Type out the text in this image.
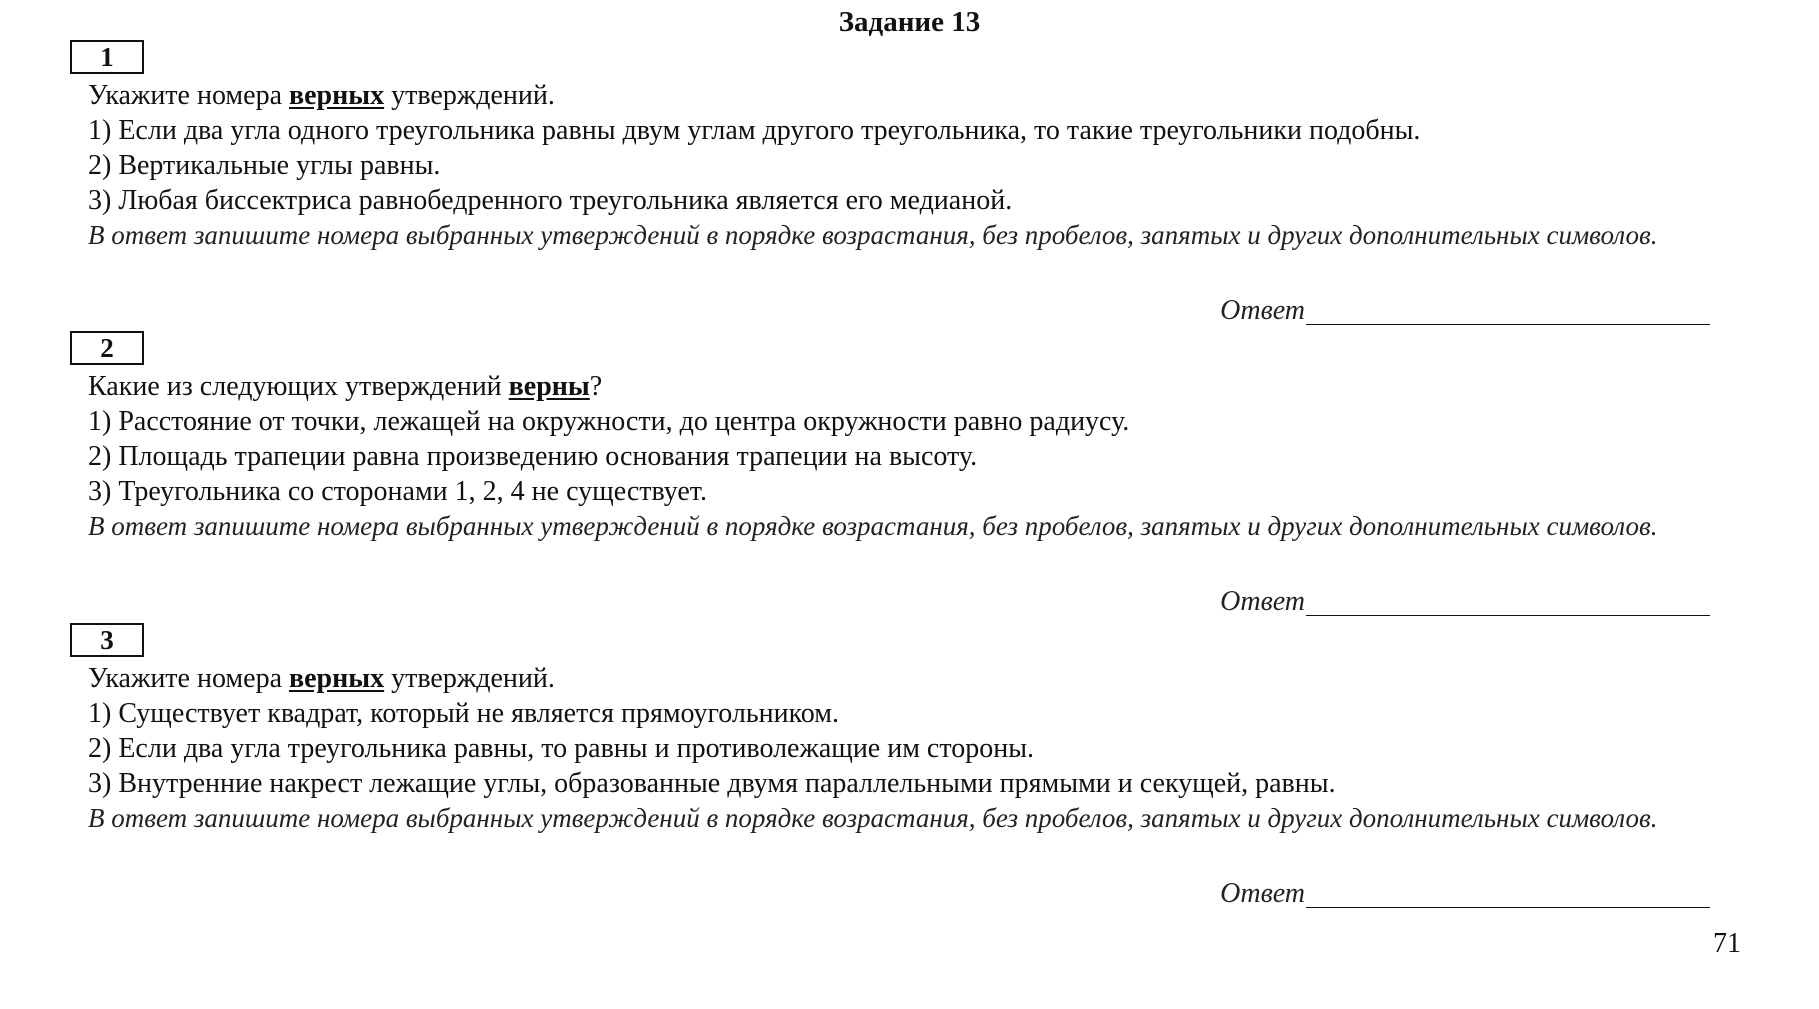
Задание 13
1
Укажите номера верных утверждений.
1) Если два угла одного треугольника равны двум углам другого треугольника, то такие треугольники подобны.
2) Вертикальные углы равны.
3) Любая биссектриса равнобедренного треугольника является его медианой.
В ответ запишите номера выбранных утверждений в порядке возрастания, без пробелов, запятых и других дополнительных символов.
Ответ
2
Какие из следующих утверждений верны?
1) Расстояние от точки, лежащей на окружности, до центра окружности равно радиусу.
2) Площадь трапеции равна произведению основания трапеции на высоту.
3) Треугольника со сторонами 1, 2, 4 не существует.
В ответ запишите номера выбранных утверждений в порядке возрастания, без пробелов, запятых и других дополнительных символов.
Ответ
3
Укажите номера верных утверждений.
1) Существует квадрат, который не является прямоугольником.
2) Если два угла треугольника равны, то равны и противолежащие им стороны.
3) Внутренние накрест лежащие углы, образованные двумя параллельными прямыми и секущей, равны.
В ответ запишите номера выбранных утверждений в порядке возрастания, без пробелов, запятых и других дополнительных символов.
Ответ
71
